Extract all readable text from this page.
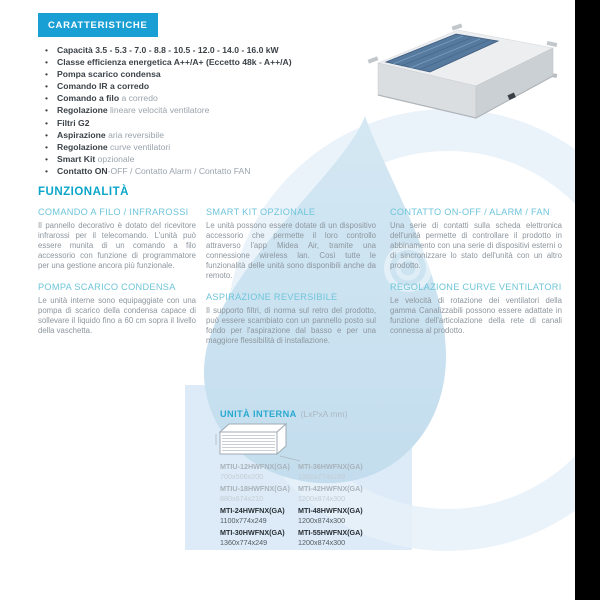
CARATTERISTICHE
• Capacità 3.5 - 5.3 - 7.0 - 8.8 - 10.5 - 12.0 - 14.0 - 16.0 kW
• Classe efficienza energetica A++/A+ (Eccetto 48k - A++/A)
• Pompa scarico condensa
• Comando IR a corredo
• Comando a filo a corredo
• Regolazione lineare velocità ventilatore
• Filtri G2
• Aspirazione aria reversibile
• Regolazione curve ventilatori
• Smart Kit opzionale
• Contatto ON-OFF / Contatto Alarm / Contatto FAN
FUNZIONALITÀ
COMANDO A FILO / INFRAROSSI

Il pannello decorativo è dotato del ricevitore infrarossi per il telecomando. L'unità può essere munita di un comando a filo accessorio con funzione di programmatore per una gestione ancora più funzionale.

POMPA SCARICO CONDENSA

Le unità interne sono equipaggiate con una pompa di scarico della condensa capace di sollevare il liquido fino a 60 cm sopra il livello della vaschetta.

SMART KIT OPZIONALE

Le unità possono essere dotate di un dispositivo accessorio che permette il loro controllo attraverso l'app Midea Air, tramite una connessione wireless lan. Così tutte le funzionalità delle unità sono disponibili anche da remoto.

ASPIRAZIONE REVERSIBILE

Il supporto filtri, di norma sul retro del prodotto, può essere scambiato con un pannello posto sul fondo per l'aspirazione dal basso e per una maggiore flessibilità di installazione.

CONTATTO ON-OFF / ALARM / FAN

Una serie di contatti sulla scheda elettronica dell'unità permette di controllare il prodotto in abbinamento con una serie di dispositivi esterni o di sincronizzare lo stato dell'unità con un altro prodotto.

REGOLAZIONE CURVE VENTILATORI

Le velocità di rotazione dei ventilatori della gamma Canalizzabili possono essere adattate in funzione dell'articolazione della rete di canali connessa al prodotto.

UNITÀ INTERNA (LxPxA mm)
MTIU-12HWFNX(GA)
700x506x200
MTIU-18HWFNX(GA)
880x674x210
MTI-24HWFNX(GA)
1100x774x249
MTI-30HWFNX(GA)
1360x774x249
MTI-36HWFNX(GA)
1360x774x249
MTI-42HWFNX(GA)
1200x874x300
MTI-48HWFNX(GA)
1200x874x300
MTI-55HWFNX(GA)
1200x874x300
